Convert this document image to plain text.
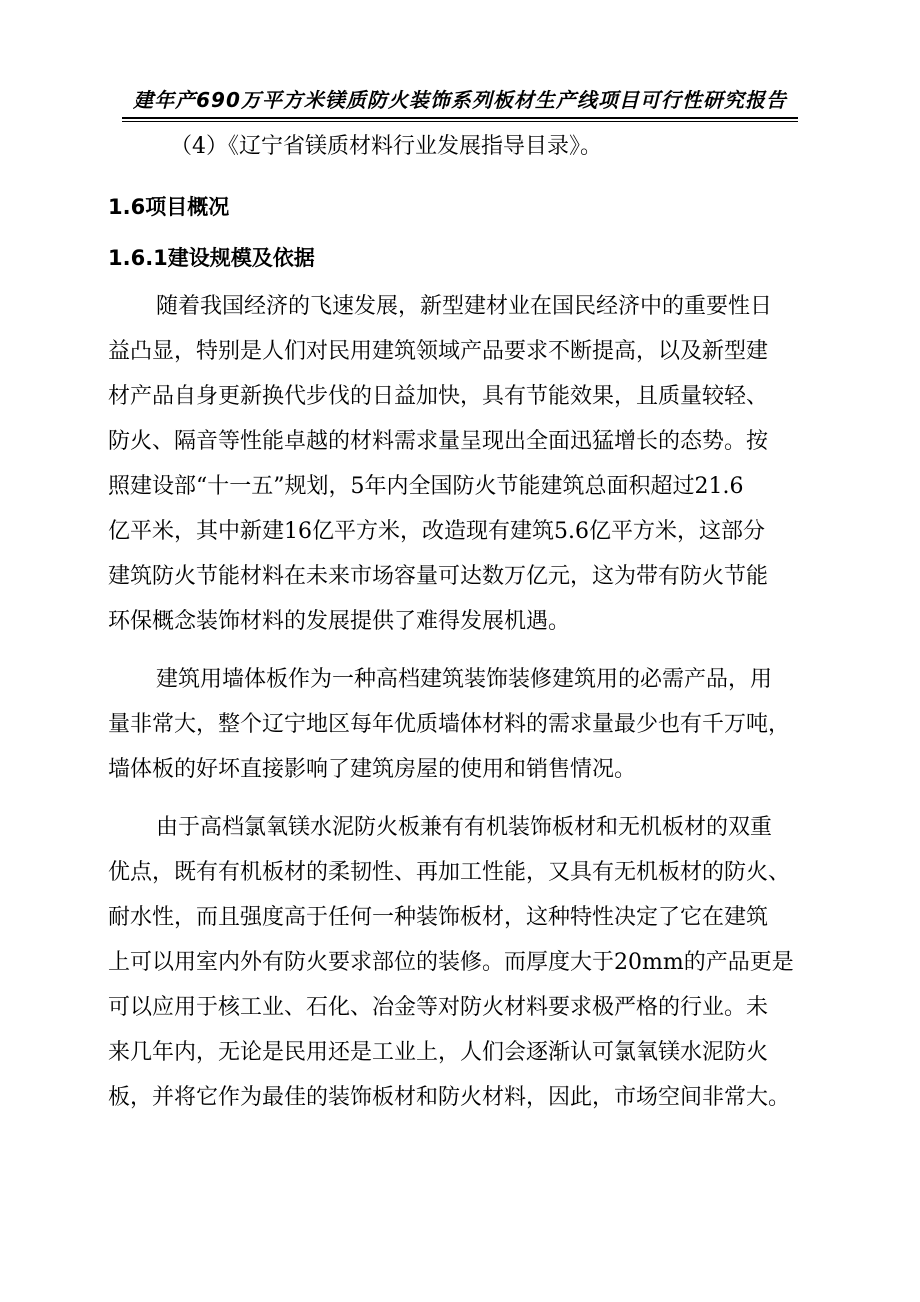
建年产690万平方米镁质防火装饰系列板材生产线项目可行性研究报告

（4）《辽宁省镁质材料行业发展指导目录》。

1.6项目概况
1.6.1建设规模及依据

随着我国经济的飞速发展，新型建材业在国民经济中的重要性日
益凸显，特别是人们对民用建筑领域产品要求不断提高，以及新型建
材产品自身更新换代步伐的日益加快，具有节能效果，且质量较轻、
防火、隔音等性能卓越的材料需求量呈现出全面迅猛增长的态势。按
照建设部“十一五”规划，5年内全国防火节能建筑总面积超过21.6
亿平米，其中新建16亿平方米，改造现有建筑5.6亿平方米，这部分
建筑防火节能材料在未来市场容量可达数万亿元，这为带有防火节能
环保概念装饰材料的发展提供了难得发展机遇。

建筑用墙体板作为一种高档建筑装饰装修建筑用的必需产品，用
量非常大，整个辽宁地区每年优质墙体材料的需求量最少也有千万吨，
墙体板的好坏直接影响了建筑房屋的使用和销售情况。

由于高档氯氧镁水泥防火板兼有有机装饰板材和无机板材的双重
优点，既有有机板材的柔韧性、再加工性能，又具有无机板材的防火、
耐水性，而且强度高于任何一种装饰板材，这种特性决定了它在建筑
上可以用室内外有防火要求部位的装修。而厚度大于20mm的产品更是
可以应用于核工业、石化、冶金等对防火材料要求极严格的行业。未
来几年内，无论是民用还是工业上，人们会逐渐认可氯氧镁水泥防火
板，并将它作为最佳的装饰板材和防火材料，因此，市场空间非常大。
